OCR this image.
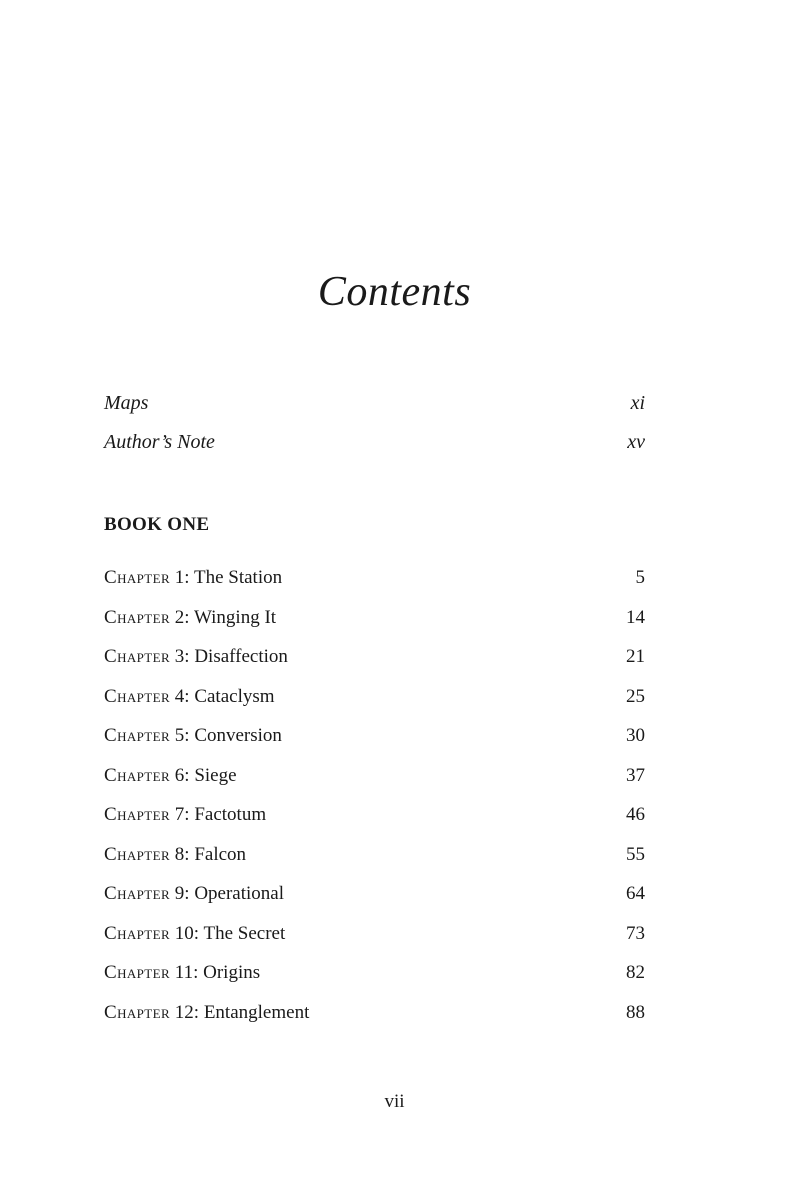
Contents
Maps	xi
Author’s Note	xv
BOOK ONE
Chapter 1: The Station	5
Chapter 2: Winging It	14
Chapter 3: Disaffection	21
Chapter 4: Cataclysm	25
Chapter 5: Conversion	30
Chapter 6: Siege	37
Chapter 7: Factotum	46
Chapter 8: Falcon	55
Chapter 9: Operational	64
Chapter 10: The Secret	73
Chapter 11: Origins	82
Chapter 12: Entanglement	88
vii
